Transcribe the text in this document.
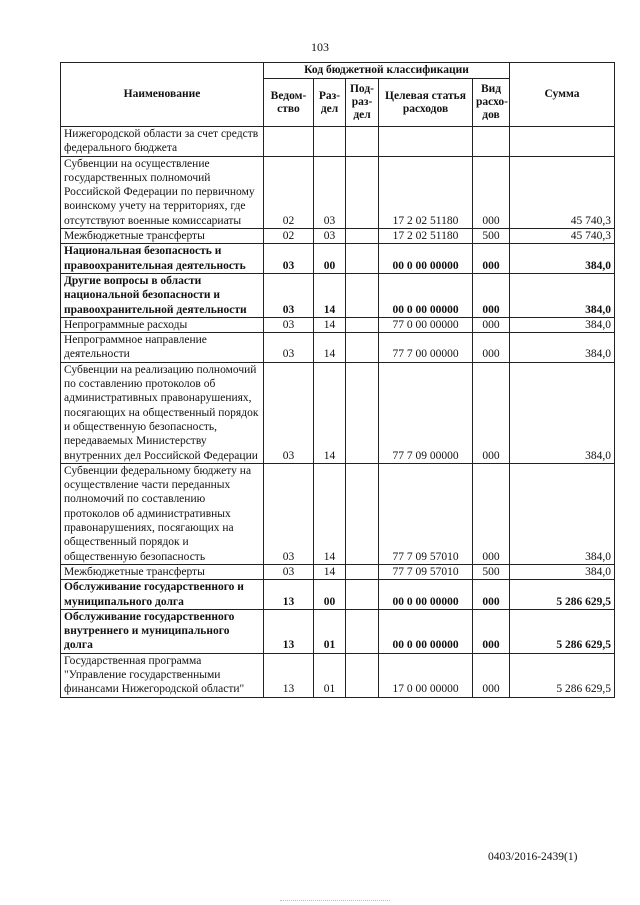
103
Наименование	Код бюджетной классификации					Сумма
	Ведом-ство	Раз-дел	Под-раз-дел	Целевая статья расходов	Вид расхо-дов	
Нижегородской области за счет средств федерального бюджета						
Субвенции на осуществление государственных полномочий Российской Федерации по первичному воинскому учету на территориях, где отсутствуют военные комиссариаты	02	03		17 2 02 51180	000	45 740,3
Межбюджетные трансферты	02	03		17 2 02 51180	500	45 740,3
Национальная безопасность и правоохранительная деятельность	03	00		00 0 00 00000	000	384,0
Другие вопросы в области национальной безопасности и правоохранительной деятельности	03	14		00 0 00 00000	000	384,0
Непрограммные расходы	03	14		77 0 00 00000	000	384,0
Непрограммное направление деятельности	03	14		77 7 00 00000	000	384,0
Субвенции на реализацию полномочий по составлению протоколов об административных правонарушениях, посягающих на общественный порядок и общественную безопасность, передаваемых Министерству внутренних дел Российской Федерации	03	14		77 7 09 00000	000	384,0
Субвенции федеральному бюджету на осуществление части переданных полномочий по составлению протоколов об административных правонарушениях, посягающих на общественный порядок и общественную безопасность	03	14		77 7 09 57010	000	384,0
Межбюджетные трансферты	03	14		77 7 09 57010	500	384,0
Обслуживание государственного и муниципального долга	13	00		00 0 00 00000	000	5 286 629,5
Обслуживание государственного внутреннего и муниципального долга	13	01		00 0 00 00000	000	5 286 629,5
Государственная программа "Управление государственными финансами Нижегородской области"	13	01		17 0 00 00000	000	5 286 629,5
0403/2016-2439(1)
